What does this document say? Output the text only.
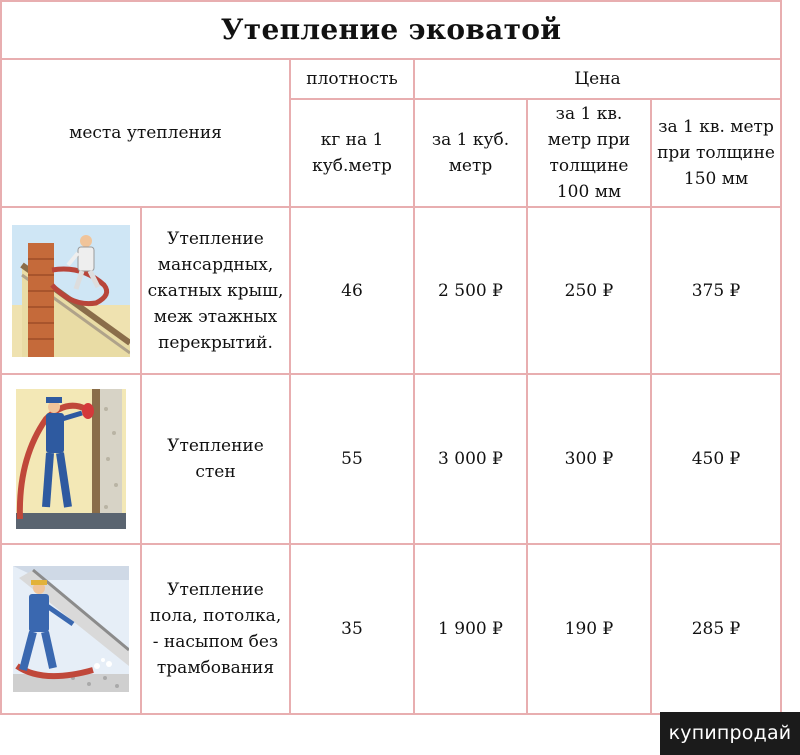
Утепление эковатой					
места утепления		плотность	Цена		
		кг на 1 куб.метр	за 1 куб. метр	за 1 кв. метр при толщине 100 мм	за 1 кв. метр при толщине 150 мм

	Утепление мансардных, скатных крыш, меж этажных перекрытий.	46	2 500 ₽	250 ₽	375 ₽

	Утепление стен	55	3 000 ₽	300 ₽	450 ₽

	Утепление пола, потолка, - насыпом без трамбования	35	1 900 ₽	190 ₽	285 ₽
купипродай
